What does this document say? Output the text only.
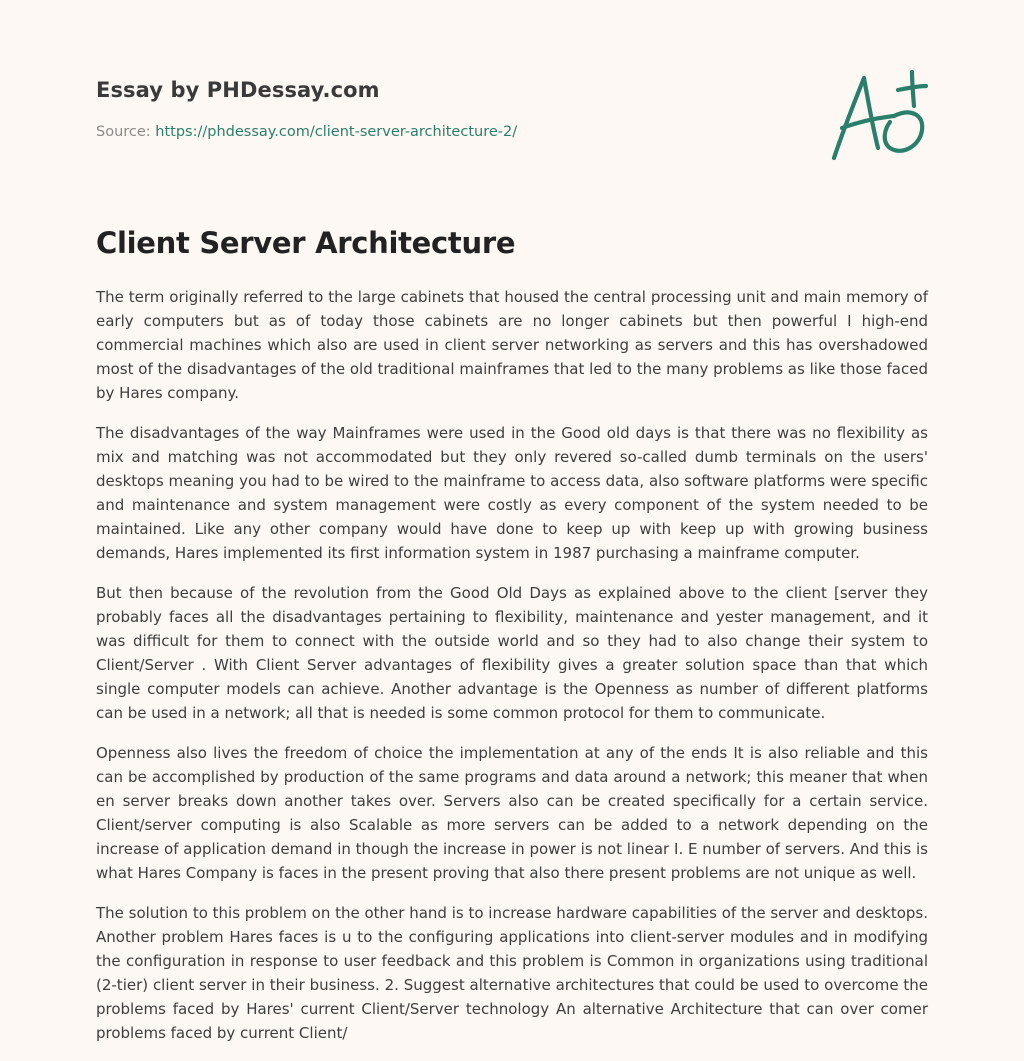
Essay by PHDessay.com
Source: https://phdessay.com/client-server-architecture-2/
Client Server Architecture

The term originally referred to the large cabinets that housed the central processing unit and main memory of early computers but as of today those cabinets are no longer cabinets but then powerful I high-end commercial machines which also are used in client server networking as servers and this has overshadowed most of the disadvantages of the old traditional mainframes that led to the many problems as like those faced by Hares company.

The disadvantages of the way Mainframes were used in the Good old days is that there was no flexibility as mix and matching was not accommodated but they only revered so-called dumb terminals on the users' desktops meaning you had to be wired to the mainframe to access data, also software platforms were specific and maintenance and system management were costly as every component of the system needed to be maintained. Like any other company would have done to keep up with keep up with growing business demands, Hares implemented its first information system in 1987 purchasing a mainframe computer.

But then because of the revolution from the Good Old Days as explained above to the client [server they probably faces all the disadvantages pertaining to flexibility, maintenance and yester management, and it was difficult for them to connect with the outside world and so they had to also change their system to Client/Server . With Client Server advantages of flexibility gives a greater solution space than that which single computer models can achieve. Another advantage is the Openness as number of different platforms can be used in a network; all that is needed is some common protocol for them to communicate.

Openness also lives the freedom of choice the implementation at any of the ends It is also reliable and this can be accomplished by production of the same programs and data around a network; this meaner that when en server breaks down another takes over. Servers also can be created specifically for a certain service. Client/server computing is also Scalable as more servers can be added to a network depending on the increase of application demand in though the increase in power is not linear I. E number of servers. And this is what Hares Company is faces in the present proving that also there present problems are not unique as well.

The solution to this problem on the other hand is to increase hardware capabilities of the server and desktops. Another problem Hares faces is u to the configuring applications into client-server modules and in modifying the configuration in response to user feedback and this problem is Common in organizations using traditional (2-tier) client server in their business. 2. Suggest alternative architectures that could be used to overcome the problems faced by Hares' current Client/Server technology An alternative Architecture that can over comer problems faced by current Client/
